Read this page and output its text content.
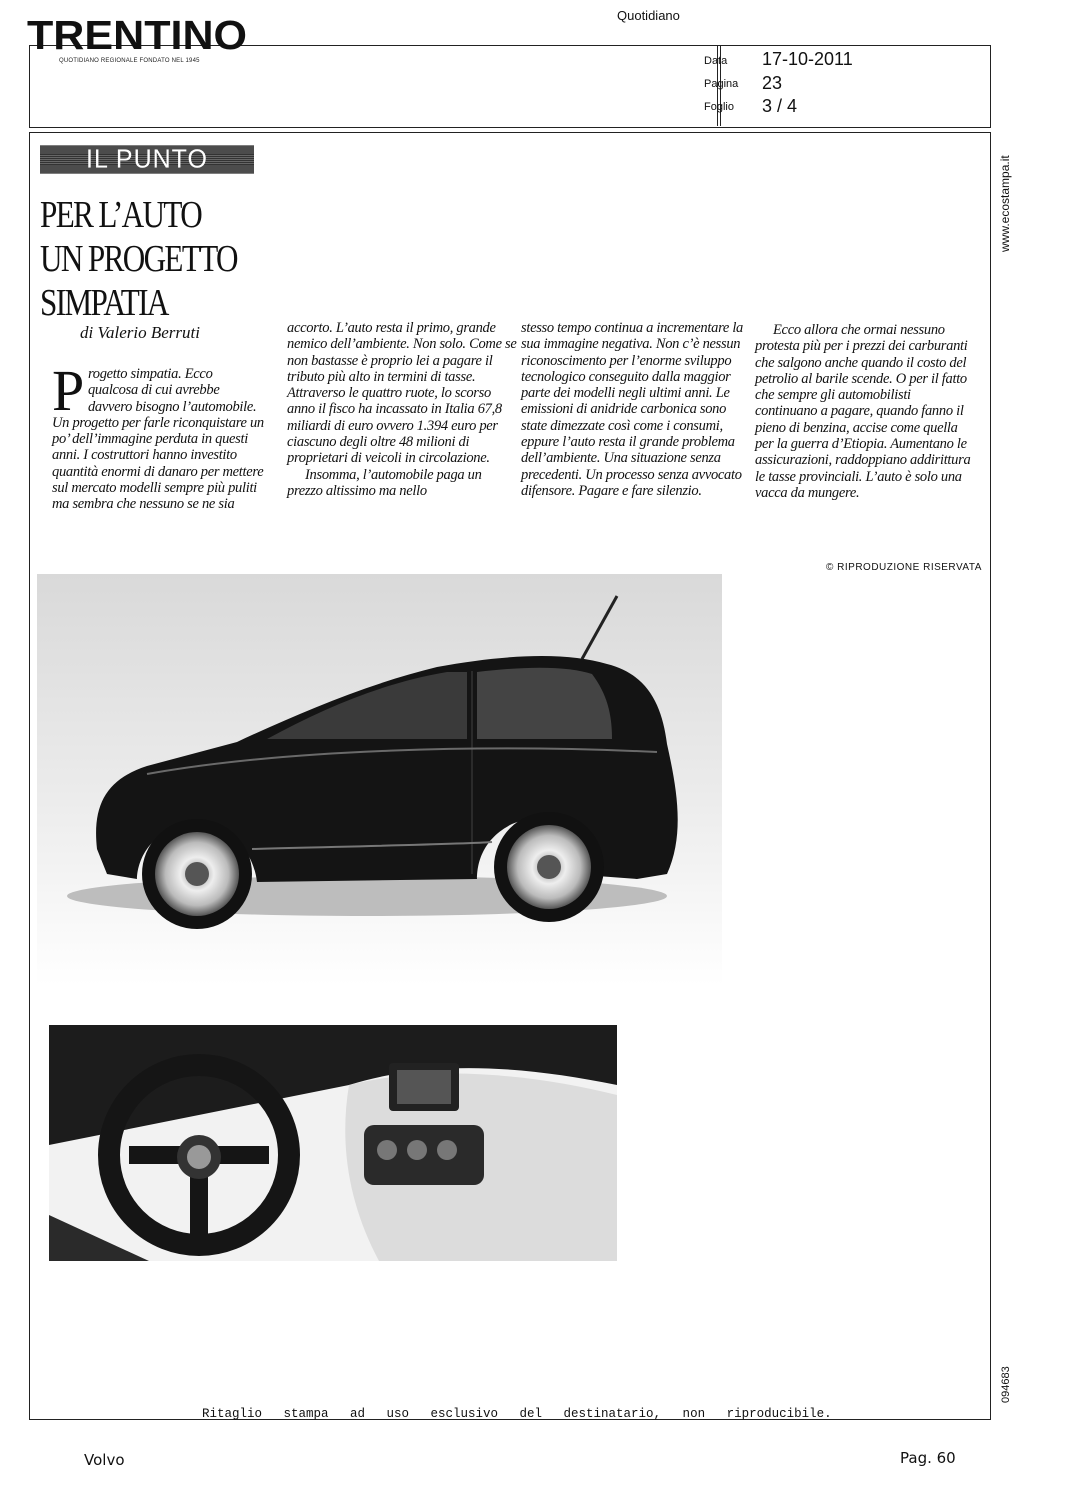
TRENTINO
QUOTIDIANO REGIONALE FONDATO NEL 1945
Quotidiano
Data 17-10-2011
Pagina 23
Foglio 3 / 4
www.ecostampa.it
094683
IL PUNTO
PER L’AUTO
UN PROGETTO
SIMPATIA
di Valerio Berruti

Progetto simpatia. Ecco qualcosa di cui avrebbe davvero bisogno l’automobile. Un progetto per farle riconquistare un po’ dell’immagine perduta in questi anni. I costruttori hanno investito quantità enormi di danaro per mettere sul mercato modelli sempre più puliti ma sembra che nessuno se ne sia

accorto. L’auto resta il primo, grande nemico dell’ambiente. Non solo. Come se non bastasse è proprio lei a pagare il tributo più alto in termini di tasse. Attraverso le quattro ruote, lo scorso anno il fisco ha incassato in Italia 67,8 miliardi di euro ovvero 1.394 euro per ciascuno degli oltre 48 milioni di proprietari di veicoli in circolazione.

Insomma, l’automobile paga un prezzo altissimo ma nello

stesso tempo continua a incrementare la sua immagine negativa. Non c’è nessun riconoscimento per l’enorme sviluppo tecnologico conseguito dalla maggior parte dei modelli negli ultimi anni. Le emissioni di anidride carbonica sono state dimezzate così come i consumi, eppure l’auto resta il grande problema dell’ambiente. Una situazione senza precedenti. Un processo senza avvocato difensore. Pagare e fare silenzio.

Ecco allora che ormai nessuno protesta più per i prezzi dei carburanti che salgono anche quando il costo del petrolio al barile scende. O per il fatto che sempre gli automobilisti continuano a pagare, quando fanno il pieno di benzina, accise come quella per la guerra d’Etiopia. Aumentano le assicurazioni, raddoppiano addirittura le tasse provinciali. L’auto è solo una vacca da mungere.

© RIPRODUZIONE RISERVATA
Ritaglio stampa ad uso esclusivo del destinatario, non riproducibile.
Volvo	Pag. 60
